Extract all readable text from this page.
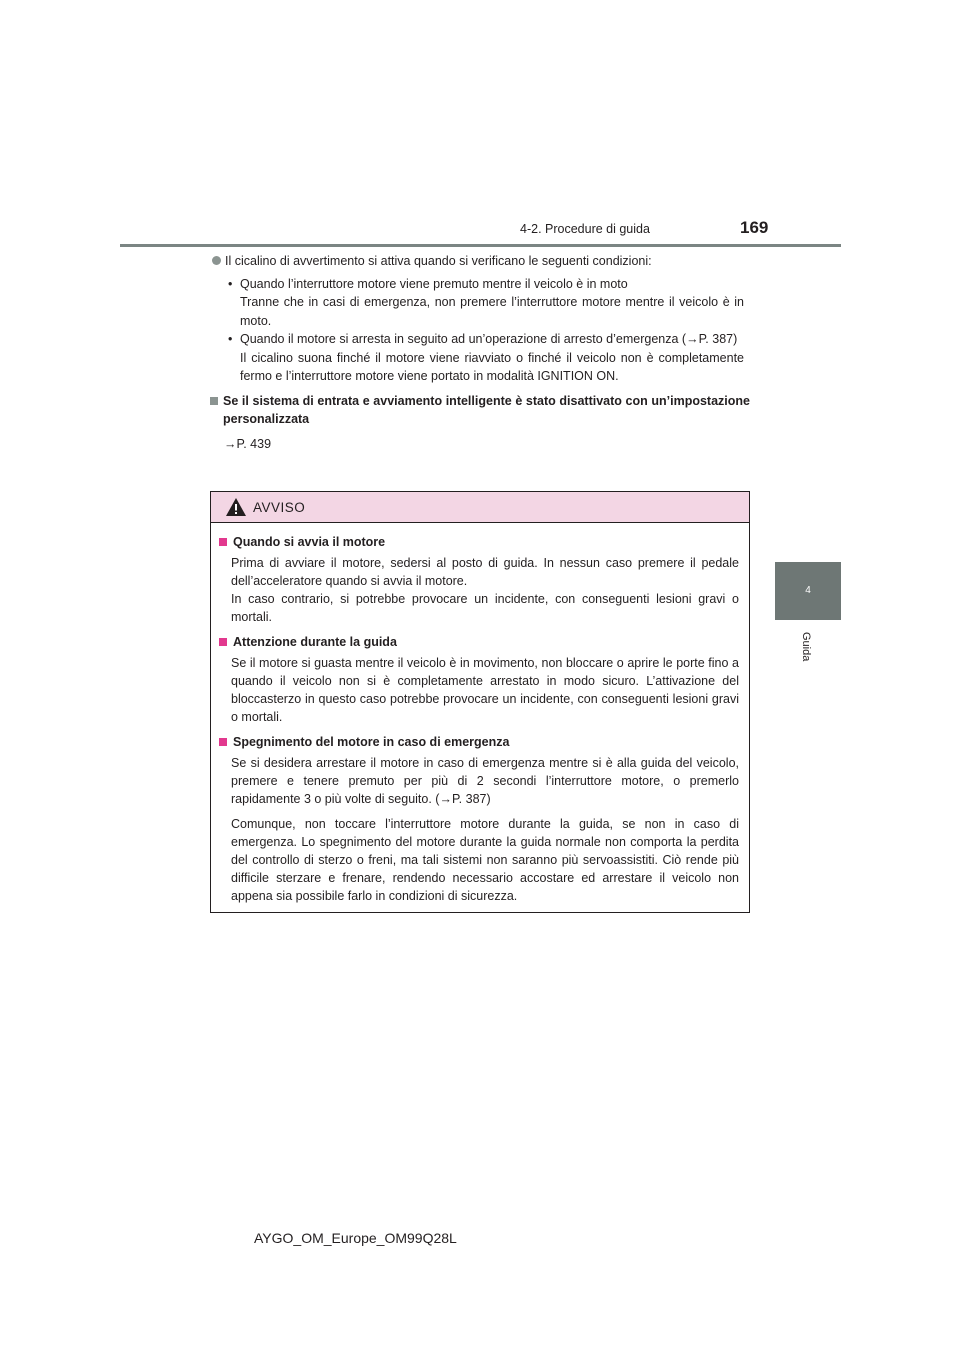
4-2. Procedure di guida	169
4
Guida
Il cicalino di avvertimento si attiva quando si verificano le seguenti condizioni:
• Quando l’interruttore motore viene premuto mentre il veicolo è in moto

Tranne che in casi di emergenza, non premere l’interruttore motore mentre il veicolo è in moto.

• Quando il motore si arresta in seguito ad un’operazione di arresto d’emergenza (→P. 387)

Il cicalino suona finché il motore viene riavviato o finché il veicolo non è completamente fermo e l’interruttore motore viene portato in modalità IGNITION ON.

Se il sistema di entrata e avviamento intelligente è stato disattivato con un’impostazione personalizzata
→P. 439
AVVISO
Quando si avvia il motore
Prima di avviare il motore, sedersi al posto di guida. In nessun caso premere il pedale dell’acceleratore quando si avvia il motore.
In caso contrario, si potrebbe provocare un incidente, con conseguenti lesioni gravi o mortali.
Attenzione durante la guida
Se il motore si guasta mentre il veicolo è in movimento, non bloccare o aprire le porte fino a quando il veicolo non si è completamente arrestato in modo sicuro. L’attivazione del bloccasterzo in questo caso potrebbe provocare un incidente, con conseguenti lesioni gravi o mortali.
Spegnimento del motore in caso di emergenza
Se si desidera arrestare il motore in caso di emergenza mentre si è alla guida del veicolo, premere e tenere premuto per più di 2 secondi l’interruttore motore, o premerlo rapidamente 3 o più volte di seguito. (→P. 387)
Comunque, non toccare l’interruttore motore durante la guida, se non in caso di emergenza. Lo spegnimento del motore durante la guida normale non comporta la perdita del controllo di sterzo o freni, ma tali sistemi non saranno più servoassistiti. Ciò rende più difficile sterzare e frenare, rendendo necessario accostare ed arrestare il veicolo non appena sia possibile farlo in condizioni di sicurezza.
AYGO_OM_Europe_OM99Q28L
